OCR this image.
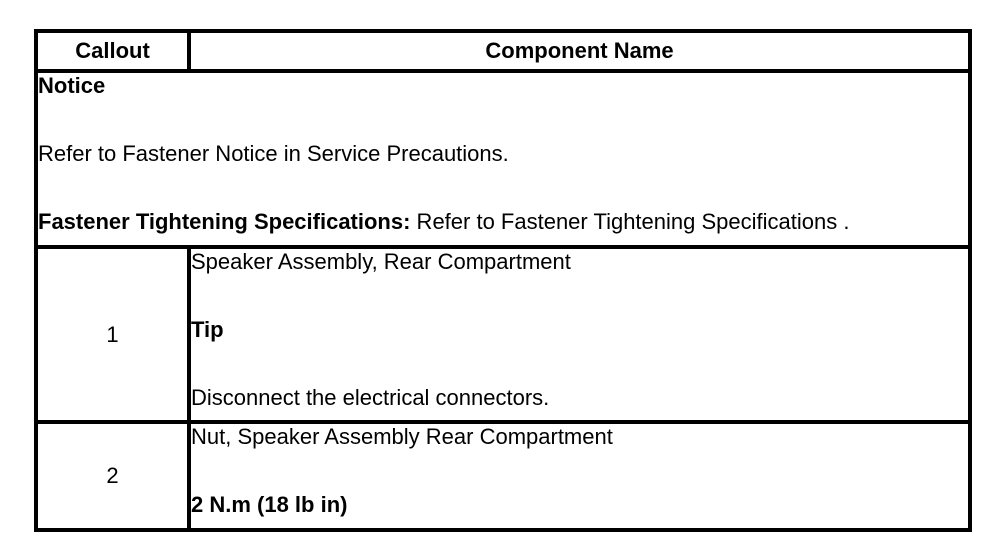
Callout	Component Name

Notice
Refer to Fastener Notice in Service Precautions.
Fastener Tightening Specifications: Refer to Fastener Tightening Specifications .	

1	Speaker Assembly, Rear Compartment
Tip
Disconnect the electrical connectors.

2	Nut, Speaker Assembly Rear Compartment
2 N.m (18 lb in)
